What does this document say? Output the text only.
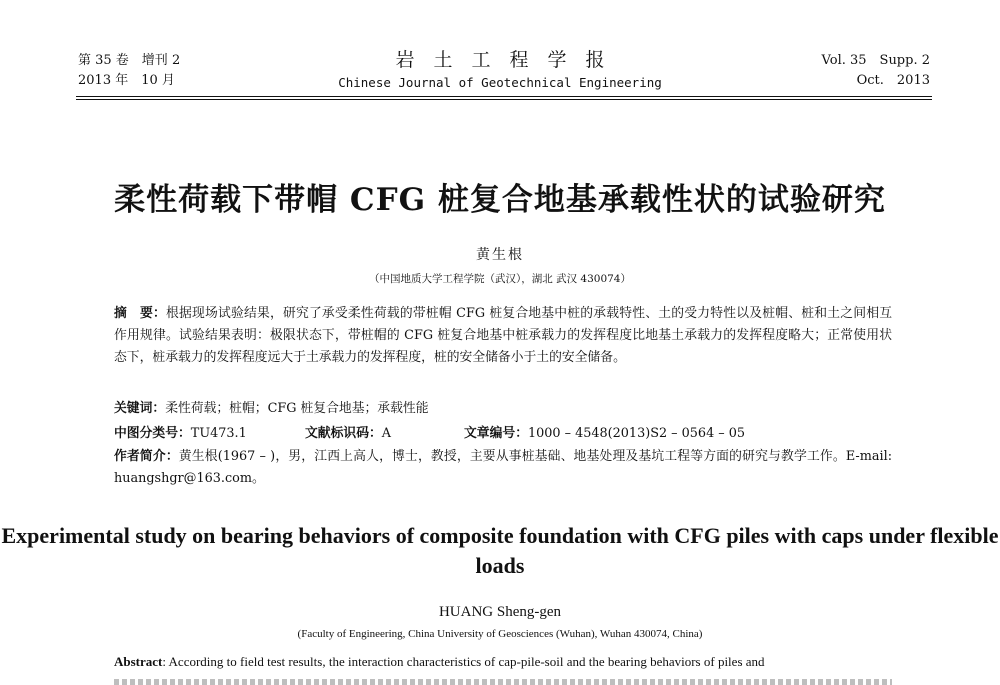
第 35 卷　增刊 2
2013 年　10 月
岩　土　工　程　学　报
Chinese Journal of Geotechnical Engineering
Vol. 35　Supp. 2
Oct.　2013
柔性荷载下带帽 CFG 桩复合地基承载性状的试验研究
黄生根
（中国地质大学工程学院（武汉），湖北 武汉 430074）

摘　要：根据现场试验结果，研究了承受柔性荷载的带桩帽 CFG 桩复合地基中桩的承载特性、土的受力特性以及桩帽、桩和土之间相互作用规律。试验结果表明：极限状态下，带桩帽的 CFG 桩复合地基中桩承载力的发挥程度比地基土承载力的发挥程度略大；正常使用状态下，桩承载力的发挥程度远大于土承载力的发挥程度，桩的安全储备小于土的安全储备。

关键词：柔性荷载；桩帽；CFG 桩复合地基；承载性能
中图分类号：TU473.1	文献标识码：A	文章编号：1000 – 4548(2013)S2 – 0564 – 05

作者简介：黄生根(1967 – )，男，江西上高人，博士，教授，主要从事桩基础、地基处理及基坑工程等方面的研究与教学工作。E-mail: huangshgr@163.com。

Experimental study on bearing behaviors of composite foundation with CFG piles with caps under flexible loads
HUANG Sheng-gen
(Faculty of Engineering, China University of Geosciences (Wuhan), Wuhan 430074, China)
Abstract: According to field test results, the interaction characteristics of cap-pile-soil and the bearing behaviors of piles and
